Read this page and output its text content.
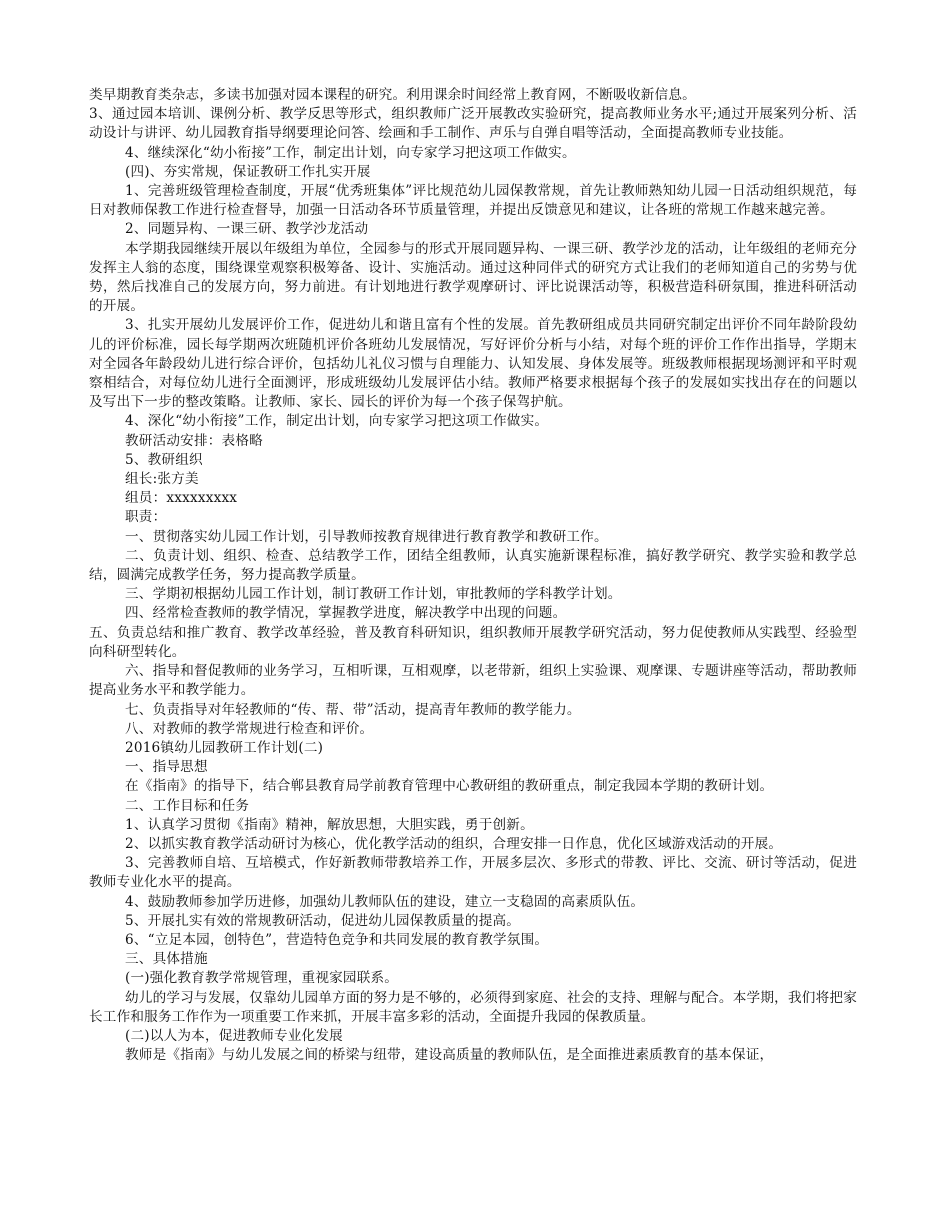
类早期教育类杂志，多读书加强对园本课程的研究。利用课余时间经常上教育网，不断吸收新信息。

3、通过园本培训、课例分析、教学反思等形式，组织教师广泛开展教改实验研究，提高教师业务水平;通过开展案列分析、活动设计与讲评、幼儿园教育指导纲要理论问答、绘画和手工制作、声乐与自弹自唱等活动，全面提高教师专业技能。

4、继续深化“幼小衔接”工作，制定出计划，向专家学习把这项工作做实。

(四)、夯实常规，保证教研工作扎实开展

1、完善班级管理检查制度，开展“优秀班集体”评比规范幼儿园保教常规，首先让教师熟知幼儿园一日活动组织规范，每日对教师保教工作进行检查督导，加强一日活动各环节质量管理，并提出反馈意见和建议，让各班的常规工作越来越完善。

2、同题异构、一课三研、教学沙龙活动

本学期我园继续开展以年级组为单位，全园参与的形式开展同题异构、一课三研、教学沙龙的活动，让年级组的老师充分发挥主人翁的态度，围绕课堂观察积极筹备、设计、实施活动。通过这种同伴式的研究方式让我们的老师知道自己的劣势与优势，然后找准自己的发展方向，努力前进。有计划地进行教学观摩研讨、评比说课活动等，积极营造科研氛围，推进科研活动的开展。

3、扎实开展幼儿发展评价工作，促进幼儿和谐且富有个性的发展。首先教研组成员共同研究制定出评价不同年龄阶段幼儿的评价标准，园长每学期两次班随机评价各班幼儿发展情况，写好评价分析与小结，对每个班的评价工作作出指导，学期末对全园各年龄段幼儿进行综合评价，包括幼儿礼仪习惯与自理能力、认知发展、身体发展等。班级教师根据现场测评和平时观察相结合，对每位幼儿进行全面测评，形成班级幼儿发展评估小结。教师严格要求根据每个孩子的发展如实找出存在的问题以及写出下一步的整改策略。让教师、家长、园长的评价为每一个孩子保驾护航。

4、深化“幼小衔接”工作，制定出计划，向专家学习把这项工作做实。

教研活动安排：表格略

5、教研组织

组长:张方美

组员：xxxxxxxxx

职责：

一、贯彻落实幼儿园工作计划，引导教师按教育规律进行教育教学和教研工作。

二、负责计划、组织、检查、总结教学工作，团结全组教师，认真实施新课程标准，搞好教学研究、教学实验和教学总结，圆满完成教学任务，努力提高教学质量。

三、学期初根据幼儿园工作计划，制订教研工作计划，审批教师的学科教学计划。

四、经常检查教师的教学情况，掌握教学进度，解决教学中出现的问题。

五、负责总结和推广教育、教学改革经验，普及教育科研知识，组织教师开展教学研究活动，努力促使教师从实践型、经验型向科研型转化。

六、指导和督促教师的业务学习，互相听课，互相观摩，以老带新，组织上实验课、观摩课、专题讲座等活动，帮助教师提高业务水平和教学能力。

七、负责指导对年轻教师的“传、帮、带”活动，提高青年教师的教学能力。

八、对教师的教学常规进行检查和评价。

2016镇幼儿园教研工作计划(二)

一、指导思想

在《指南》的指导下，结合郸县教育局学前教育管理中心教研组的教研重点，制定我园本学期的教研计划。

二、工作目标和任务

1、认真学习贯彻《指南》精神，解放思想，大胆实践，勇于创新。

2、以抓实教育教学活动研讨为核心，优化教学活动的组织，合理安排一日作息，优化区域游戏活动的开展。

3、完善教师自培、互培模式，作好新教师带教培养工作，开展多层次、多形式的带教、评比、交流、研讨等活动，促进教师专业化水平的提高。

4、鼓励教师参加学历进修，加强幼儿教师队伍的建设，建立一支稳固的高素质队伍。

5、开展扎实有效的常规教研活动，促进幼儿园保教质量的提高。

6、“立足本园，创特色”，营造特色竞争和共同发展的教育教学氛围。

三、具体措施

(一)强化教育教学常规管理，重视家园联系。

幼儿的学习与发展，仅靠幼儿园单方面的努力是不够的，必须得到家庭、社会的支持、理解与配合。本学期，我们将把家长工作和服务工作作为一项重要工作来抓，开展丰富多彩的活动，全面提升我园的保教质量。

(二)以人为本，促进教师专业化发展

教师是《指南》与幼儿发展之间的桥梁与纽带，建设高质量的教师队伍，是全面推进素质教育的基本保证，
